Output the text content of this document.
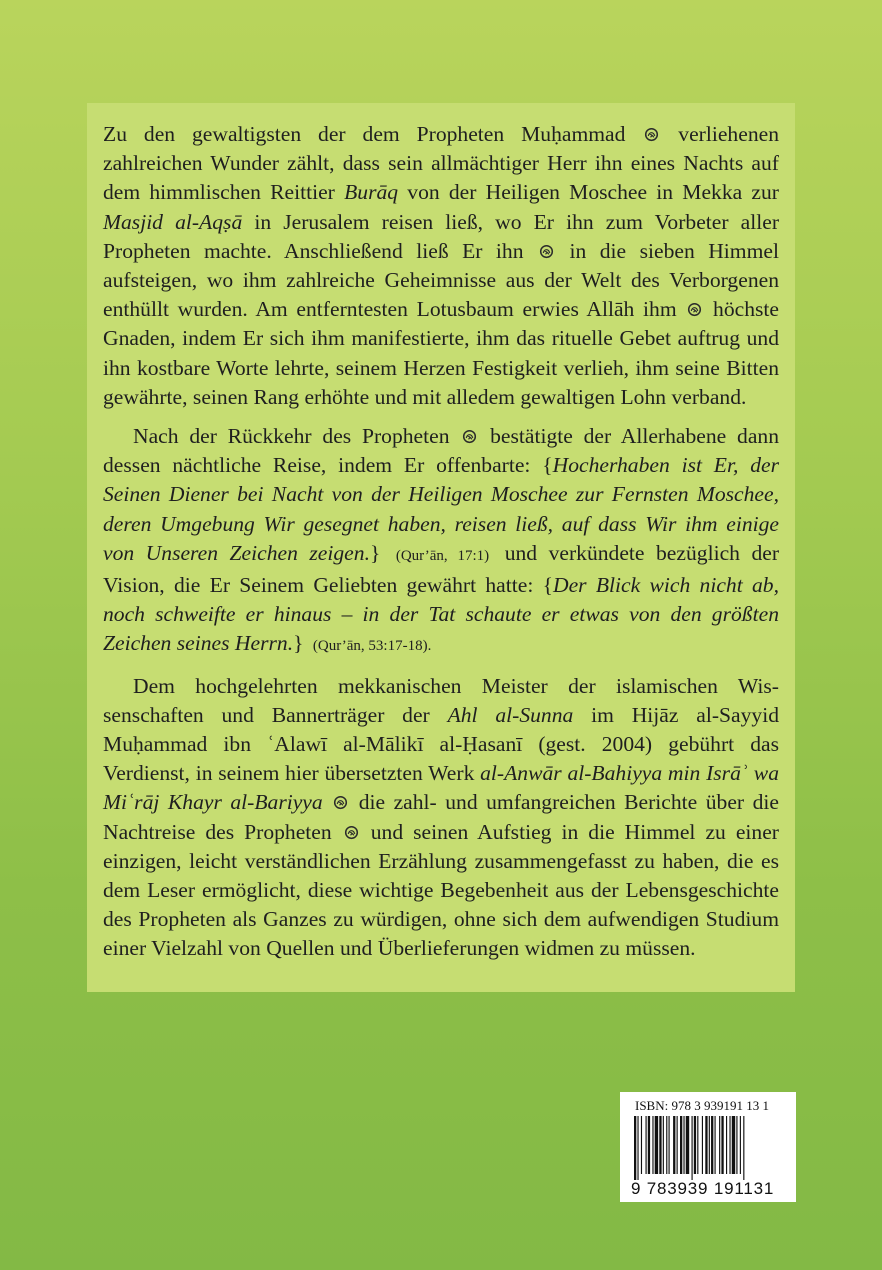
Zu den gewaltigsten der dem Propheten Muḥammad verliehenen zahlreichen Wunder zählt, dass sein allmächtiger Herr ihn eines Nachts auf dem himmlischen Reittier Burāq von der Heiligen Moschee in Mekka zur Masjid al-Aqṣā in Jerusalem reisen ließ, wo Er ihn zum Vorbeter aller Propheten machte. Anschließend ließ Er ihn in die sieben Himmel aufsteigen, wo ihm zahlreiche Geheimnisse aus der Welt des Verborgenen enthüllt wurden. Am entferntesten Lotusbaum erwies Allāh ihm höchste Gnaden, indem Er sich ihm manifestierte, ihm das rituelle Gebet auftrug und ihn kostbare Worte lehrte, seinem Herzen Festigkeit verlieh, ihm seine Bitten gewährte, seinen Rang erhöhte und mit alledem gewaltigen Lohn verband.

Nach der Rückkehr des Propheten bestätigte der Allerhabene dann dessen nächtliche Reise, indem Er offenbarte: {Hocherhaben ist Er, der Seinen Diener bei Nacht von der Heiligen Moschee zur Fernsten Moschee, deren Umgebung Wir gesegnet haben, reisen ließ, auf dass Wir ihm einige von Unseren Zeichen zeigen.} (Qur’ān, 17:1) und verkündete bezüglich der Vision, die Er Seinem Geliebten gewährt hatte: {Der Blick wich nicht ab, noch schweifte er hinaus – in der Tat schaute er etwas von den größten Zeichen seines Herrn.} (Qur’ān, 53:17-18).

Dem hochgelehrten mekkanischen Meister der islamischen Wissenschaften und Bannerträger der Ahl al-Sunna im Hijāz al-Sayyid Muḥammad ibn ʿAlawī al-Mālikī al-Ḥasanī (gest. 2004) gebührt das Verdienst, in seinem hier übersetzten Werk al-Anwār al-Bahiyya min Isrāʾ wa Miʿrāj Khayr al-Bariyya die zahl- und umfangreichen Berichte über die Nachtreise des Propheten und seinen Aufstieg in die Himmel zu einer einzigen, leicht verständlichen Erzählung zusammengefasst zu haben, die es dem Leser ermöglicht, diese wichtige Begebenheit aus der Lebensgeschichte des Propheten als Ganzes zu würdigen, ohne sich dem aufwendigen Studium einer Vielzahl von Quellen und Überlieferungen widmen zu müssen.

ISBN: 978 3 939191 13 1
9 783939 191131
